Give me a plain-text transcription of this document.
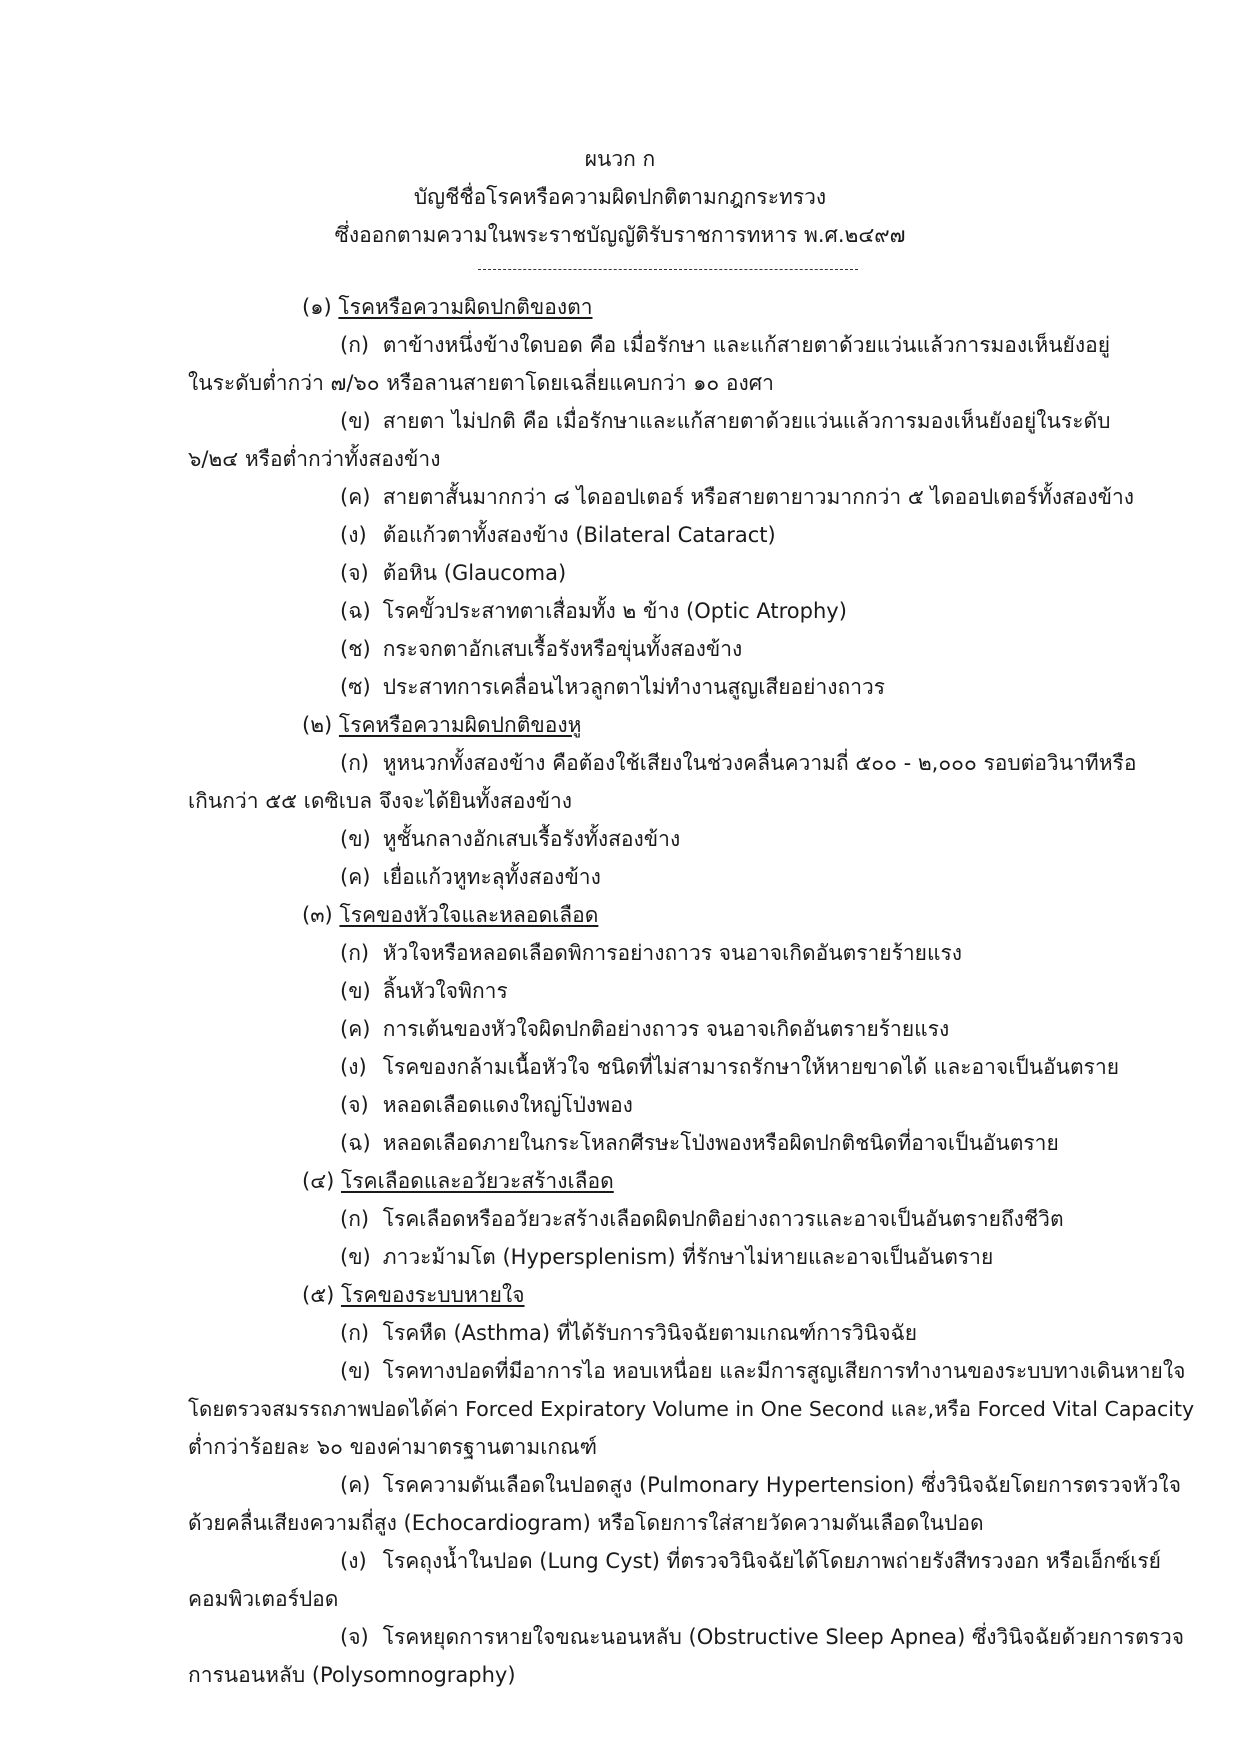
ผนวก ก
บัญชีชื่อโรคหรือความผิดปกติตามกฎกระทรวง
ซึ่งออกตามความในพระราชบัญญัติรับราชการทหาร พ.ศ.๒๔๙๗
(๑) โรคหรือความผิดปกติของตา
(ก) ตาข้างหนึ่งข้างใดบอด คือ เมื่อรักษา และแก้สายตาด้วยแว่นแล้วการมองเห็นยังอยู่
ในระดับต่ำกว่า ๗/๖๐ หรือลานสายตาโดยเฉลี่ยแคบกว่า ๑๐ องศา
(ข) สายตา ไม่ปกติ คือ เมื่อรักษาและแก้สายตาด้วยแว่นแล้วการมองเห็นยังอยู่ในระดับ
๖/๒๔ หรือต่ำกว่าทั้งสองข้าง
(ค) สายตาสั้นมากกว่า ๘ ไดออปเตอร์ หรือสายตายาวมากกว่า ๕ ไดออปเตอร์ทั้งสองข้าง
(ง) ต้อแก้วตาทั้งสองข้าง (Bilateral Cataract)
(จ) ต้อหิน (Glaucoma)
(ฉ) โรคขั้วประสาทตาเสื่อมทั้ง ๒ ข้าง (Optic Atrophy)
(ช) กระจกตาอักเสบเรื้อรังหรือขุ่นทั้งสองข้าง
(ซ) ประสาทการเคลื่อนไหวลูกตาไม่ทำงานสูญเสียอย่างถาวร
(๒) โรคหรือความผิดปกติของหู
(ก) หูหนวกทั้งสองข้าง คือต้องใช้เสียงในช่วงคลื่นความถี่ ๕๐๐ - ๒,๐๐๐ รอบต่อวินาทีหรือ
เกินกว่า ๕๕ เดซิเบล จึงจะได้ยินทั้งสองข้าง
(ข) หูชั้นกลางอักเสบเรื้อรังทั้งสองข้าง
(ค) เยื่อแก้วหูทะลุทั้งสองข้าง
(๓) โรคของหัวใจและหลอดเลือด
(ก) หัวใจหรือหลอดเลือดพิการอย่างถาวร จนอาจเกิดอันตรายร้ายแรง
(ข) ลิ้นหัวใจพิการ
(ค) การเต้นของหัวใจผิดปกติอย่างถาวร จนอาจเกิดอันตรายร้ายแรง
(ง) โรคของกล้ามเนื้อหัวใจ ชนิดที่ไม่สามารถรักษาให้หายขาดได้ และอาจเป็นอันตราย
(จ) หลอดเลือดแดงใหญ่โป่งพอง
(ฉ) หลอดเลือดภายในกระโหลกศีรษะโป่งพองหรือผิดปกติชนิดที่อาจเป็นอันตราย
(๔) โรคเลือดและอวัยวะสร้างเลือด
(ก) โรคเลือดหรืออวัยวะสร้างเลือดผิดปกติอย่างถาวรและอาจเป็นอันตรายถึงชีวิต
(ข) ภาวะม้ามโต (Hypersplenism) ที่รักษาไม่หายและอาจเป็นอันตราย
(๕) โรคของระบบหายใจ
(ก) โรคหืด (Asthma) ที่ได้รับการวินิจฉัยตามเกณฑ์การวินิจฉัย
(ข) โรคทางปอดที่มีอาการไอ หอบเหนื่อย และมีการสูญเสียการทำงานของระบบทางเดินหายใจ
โดยตรวจสมรรถภาพปอดได้ค่า Forced Expiratory Volume in One Second และ,หรือ Forced Vital Capacity
ต่ำกว่าร้อยละ ๖๐ ของค่ามาตรฐานตามเกณฑ์
(ค) โรคความดันเลือดในปอดสูง (Pulmonary Hypertension) ซึ่งวินิจฉัยโดยการตรวจหัวใจ
ด้วยคลื่นเสียงความถี่สูง (Echocardiogram) หรือโดยการใส่สายวัดความดันเลือดในปอด
(ง) โรคถุงน้ำในปอด (Lung Cyst) ที่ตรวจวินิจฉัยได้โดยภาพถ่ายรังสีทรวงอก หรือเอ็กซ์เรย์
คอมพิวเตอร์ปอด
(จ) โรคหยุดการหายใจขณะนอนหลับ (Obstructive Sleep Apnea) ซึ่งวินิจฉัยด้วยการตรวจ
การนอนหลับ (Polysomnography)
